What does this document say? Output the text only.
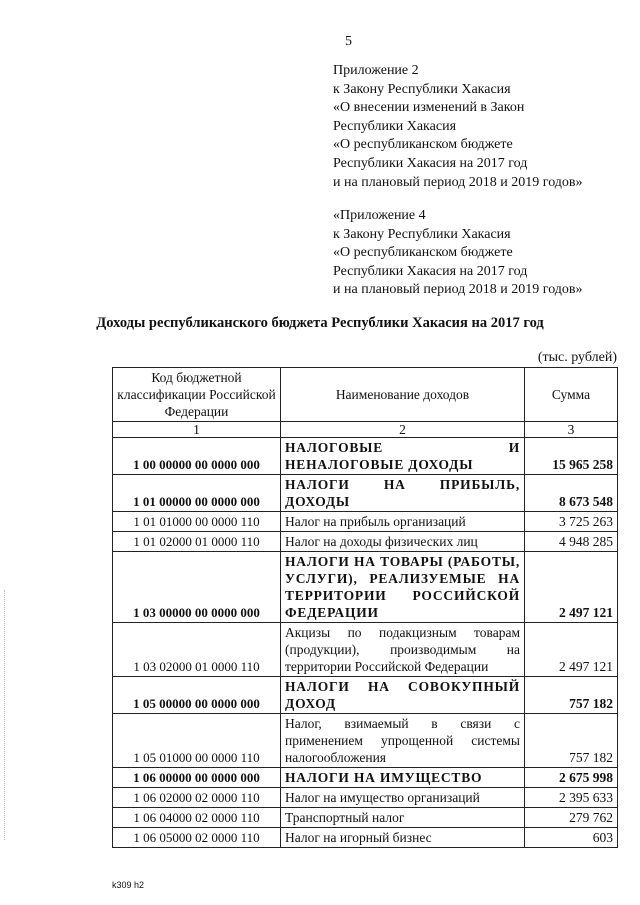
5
Приложение 2
к Закону Республики Хакасия
«О внесении изменений в Закон
Республики Хакасия
«О республиканском бюджете
Республики Хакасия на 2017 год
и на плановый период 2018 и 2019 годов»
«Приложение 4
к Закону Республики Хакасия
«О республиканском бюджете
Республики Хакасия на 2017 год
и на плановый период 2018 и 2019 годов»
Доходы республиканского бюджета Республики Хакасия на 2017 год
(тыс. рублей)
Код бюджетной классификации Российской Федерации	Наименование доходов	Сумма
1	2	3
1 00 00000 00 0000 000	НАЛОГОВЫЕ И НЕНАЛОГОВЫЕ ДОХОДЫ	15 965 258
1 01 00000 00 0000 000	НАЛОГИ НА ПРИБЫЛЬ, ДОХОДЫ	8 673 548
1 01 01000 00 0000 110	Налог на прибыль организаций	3 725 263
1 01 02000 01 0000 110	Налог на доходы физических лиц	4 948 285
1 03 00000 00 0000 000	НАЛОГИ НА ТОВАРЫ (РАБОТЫ, УСЛУГИ), РЕАЛИЗУЕМЫЕ НА ТЕРРИТОРИИ РОССИЙСКОЙ ФЕДЕРАЦИИ	2 497 121
1 03 02000 01 0000 110	Акцизы по подакцизным товарам (продукции), производимым на территории Российской Федерации	2 497 121
1 05 00000 00 0000 000	НАЛОГИ НА СОВОКУПНЫЙ ДОХОД	757 182
1 05 01000 00 0000 110	Налог, взимаемый в связи с применением упрощенной системы налогообложения	757 182
1 06 00000 00 0000 000	НАЛОГИ НА ИМУЩЕСТВО	2 675 998
1 06 02000 02 0000 110	Налог на имущество организаций	2 395 633
1 06 04000 02 0000 110	Транспортный налог	279 762
1 06 05000 02 0000 110	Налог на игорный бизнес	603
k309 h2
